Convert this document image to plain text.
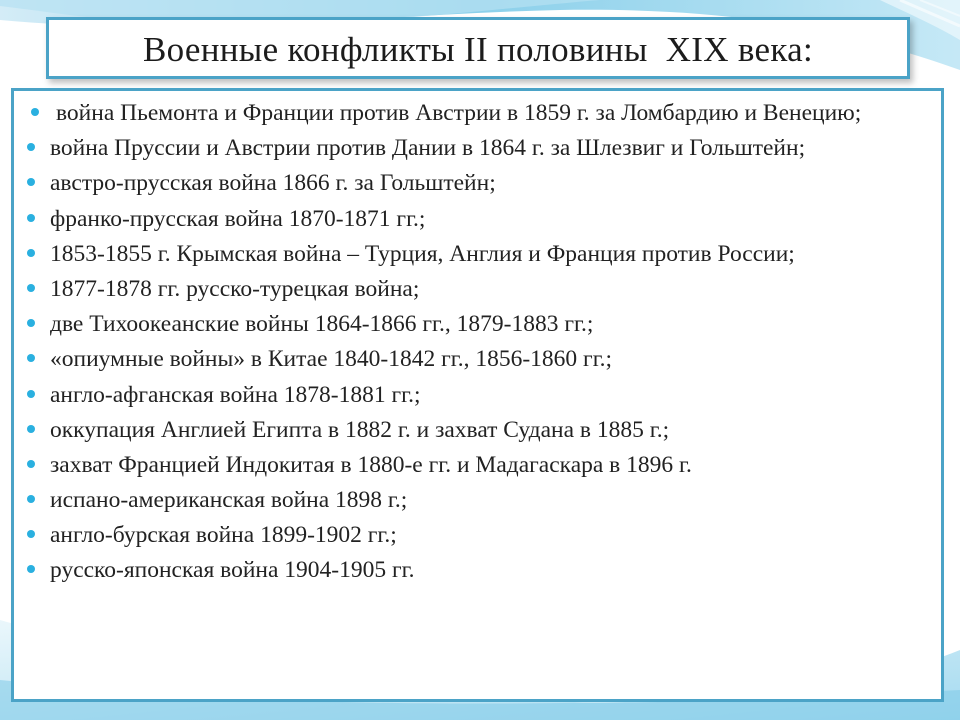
Военные конфликты II половины  XIX века:
война Пьемонта и Франции против Австрии в 1859 г. за Ломбардию и Венецию;
война Пруссии и Австрии против Дании в 1864 г. за Шлезвиг и Гольштейн;
австро-прусская война 1866 г. за Гольштейн;
франко-прусская война 1870-1871 гг.;
1853-1855 г. Крымская война – Турция, Англия и Франция против России;
1877-1878 гг. русско-турецкая война;
две Тихоокеанские войны 1864-1866 гг., 1879-1883 гг.;
«опиумные войны» в Китае 1840-1842 гг., 1856-1860 гг.;
англо-афганская война 1878-1881 гг.;
оккупация Англией Египта в 1882 г. и захват Судана в 1885 г.;
захват Францией Индокитая в 1880-е гг. и Мадагаскара в 1896 г.
испано-американская война 1898 г.;
англо-бурская война 1899-1902 гг.;
русско-японская война 1904-1905 гг.
